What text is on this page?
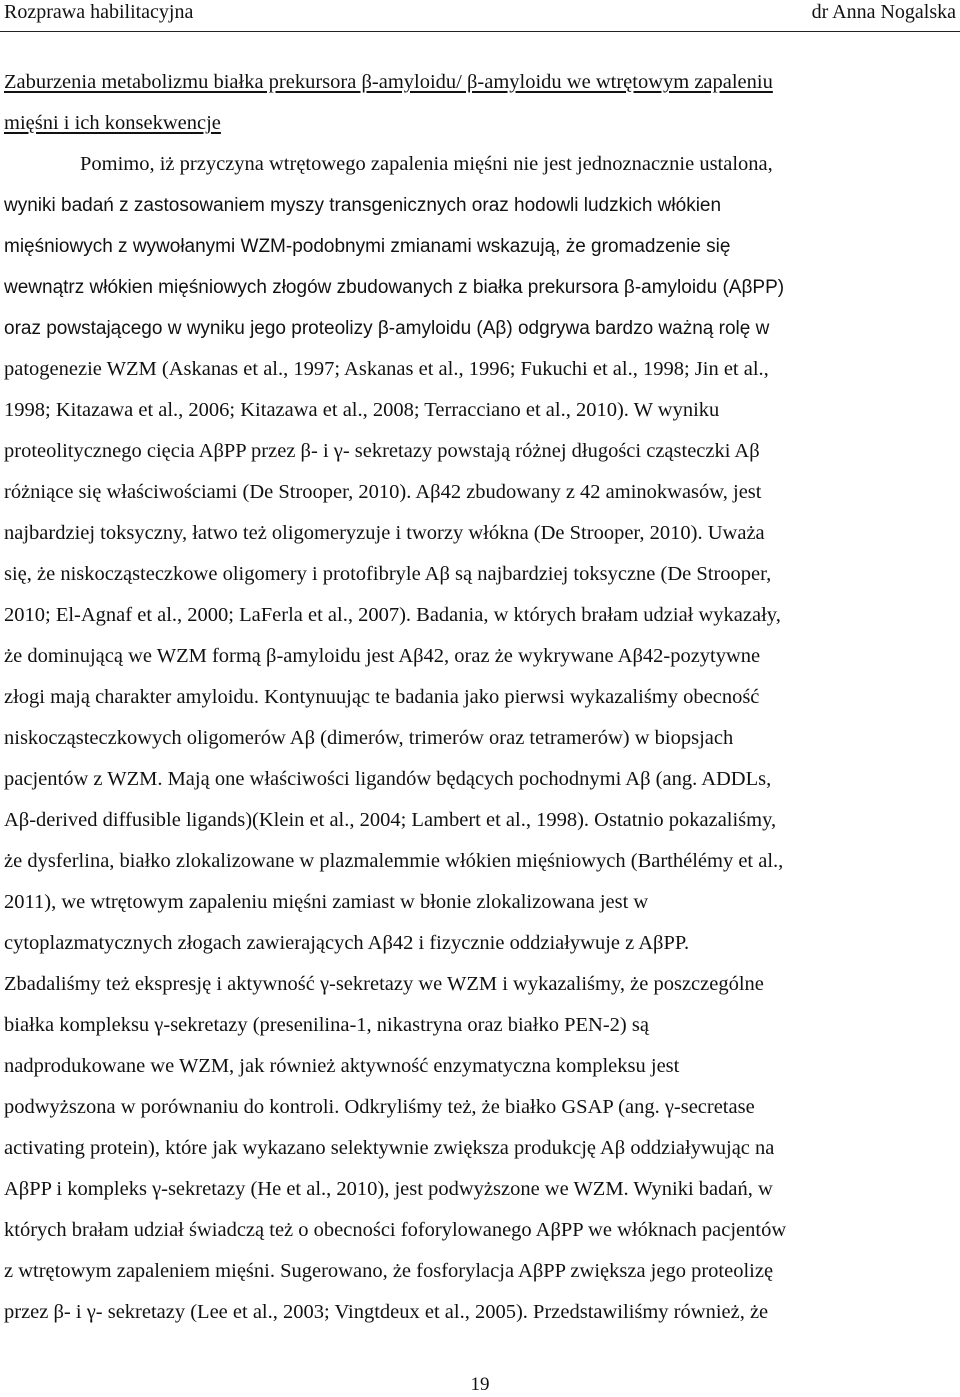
Rozprawa habilitacyjna	dr Anna Nogalska
Zaburzenia metabolizmu białka prekursora β-amyloidu/ β-amyloidu we wtrętowym zapaleniu
mięśni i ich konsekwencje
Pomimo, iż przyczyna wtrętowego zapalenia mięśni nie jest jednoznacznie ustalona,
wyniki badań z zastosowaniem myszy transgenicznych oraz hodowli ludzkich włókien
mięśniowych z wywołanymi WZM-podobnymi zmianami wskazują, że gromadzenie się
wewnątrz włókien mięśniowych złogów zbudowanych z białka prekursora β-amyloidu (AβPP)
oraz powstającego w wyniku jego proteolizy β-amyloidu (Aβ) odgrywa bardzo ważną rolę w
patogenezie WZM (Askanas et al., 1997; Askanas et al., 1996; Fukuchi et al., 1998; Jin et al.,
1998; Kitazawa et al., 2006; Kitazawa et al., 2008; Terracciano et al., 2010). W wyniku
proteolitycznego cięcia AβPP przez β- i γ- sekretazy powstają różnej długości cząsteczki Aβ
różniące się właściwościami (De Strooper, 2010). Aβ42 zbudowany z 42 aminokwasów, jest
najbardziej toksyczny, łatwo też oligomeryzuje i tworzy włókna (De Strooper, 2010). Uważa
się, że niskocząsteczkowe oligomery i protofibryle Aβ są najbardziej toksyczne (De Strooper,
2010; El-Agnaf et al., 2000; LaFerla et al., 2007). Badania, w których brałam udział wykazały,
że dominującą we WZM formą β-amyloidu jest Aβ42, oraz że wykrywane Aβ42-pozytywne
złogi mają charakter amyloidu. Kontynuując te badania jako pierwsi wykazaliśmy obecność
niskocząsteczkowych oligomerów Aβ (dimerów, trimerów oraz tetramerów) w biopsjach
pacjentów z WZM. Mają one właściwości ligandów będących pochodnymi Aβ (ang. ADDLs,
Aβ-derived diffusible ligands)(Klein et al., 2004; Lambert et al., 1998). Ostatnio pokazaliśmy,
że dysferlina, białko zlokalizowane w plazmalemmie włókien mięśniowych (Barthélémy et al.,
2011), we wtrętowym zapaleniu mięśni zamiast w błonie zlokalizowana jest w
cytoplazmatycznych złogach zawierających Aβ42 i fizycznie oddziaływuje z AβPP.
Zbadaliśmy też ekspresję i aktywność γ-sekretazy we WZM i wykazaliśmy, że poszczególne
białka kompleksu γ-sekretazy (presenilina-1, nikastryna oraz białko PEN-2) są
nadprodukowane we WZM, jak również aktywność enzymatyczna kompleksu jest
podwyższona w porównaniu do kontroli. Odkryliśmy też, że białko GSAP (ang. γ-secretase
activating protein), które jak wykazano selektywnie zwiększa produkcję Aβ oddziaływując na
AβPP i kompleks γ-sekretazy (He et al., 2010), jest podwyższone we WZM. Wyniki badań, w
których brałam udział świadczą też o obecności foforylowanego AβPP we włóknach pacjentów
z wtrętowym zapaleniem mięśni. Sugerowano, że fosforylacja AβPP zwiększa jego proteolizę
przez β- i γ- sekretazy (Lee et al., 2003; Vingtdeux et al., 2005). Przedstawiliśmy również, że
19
